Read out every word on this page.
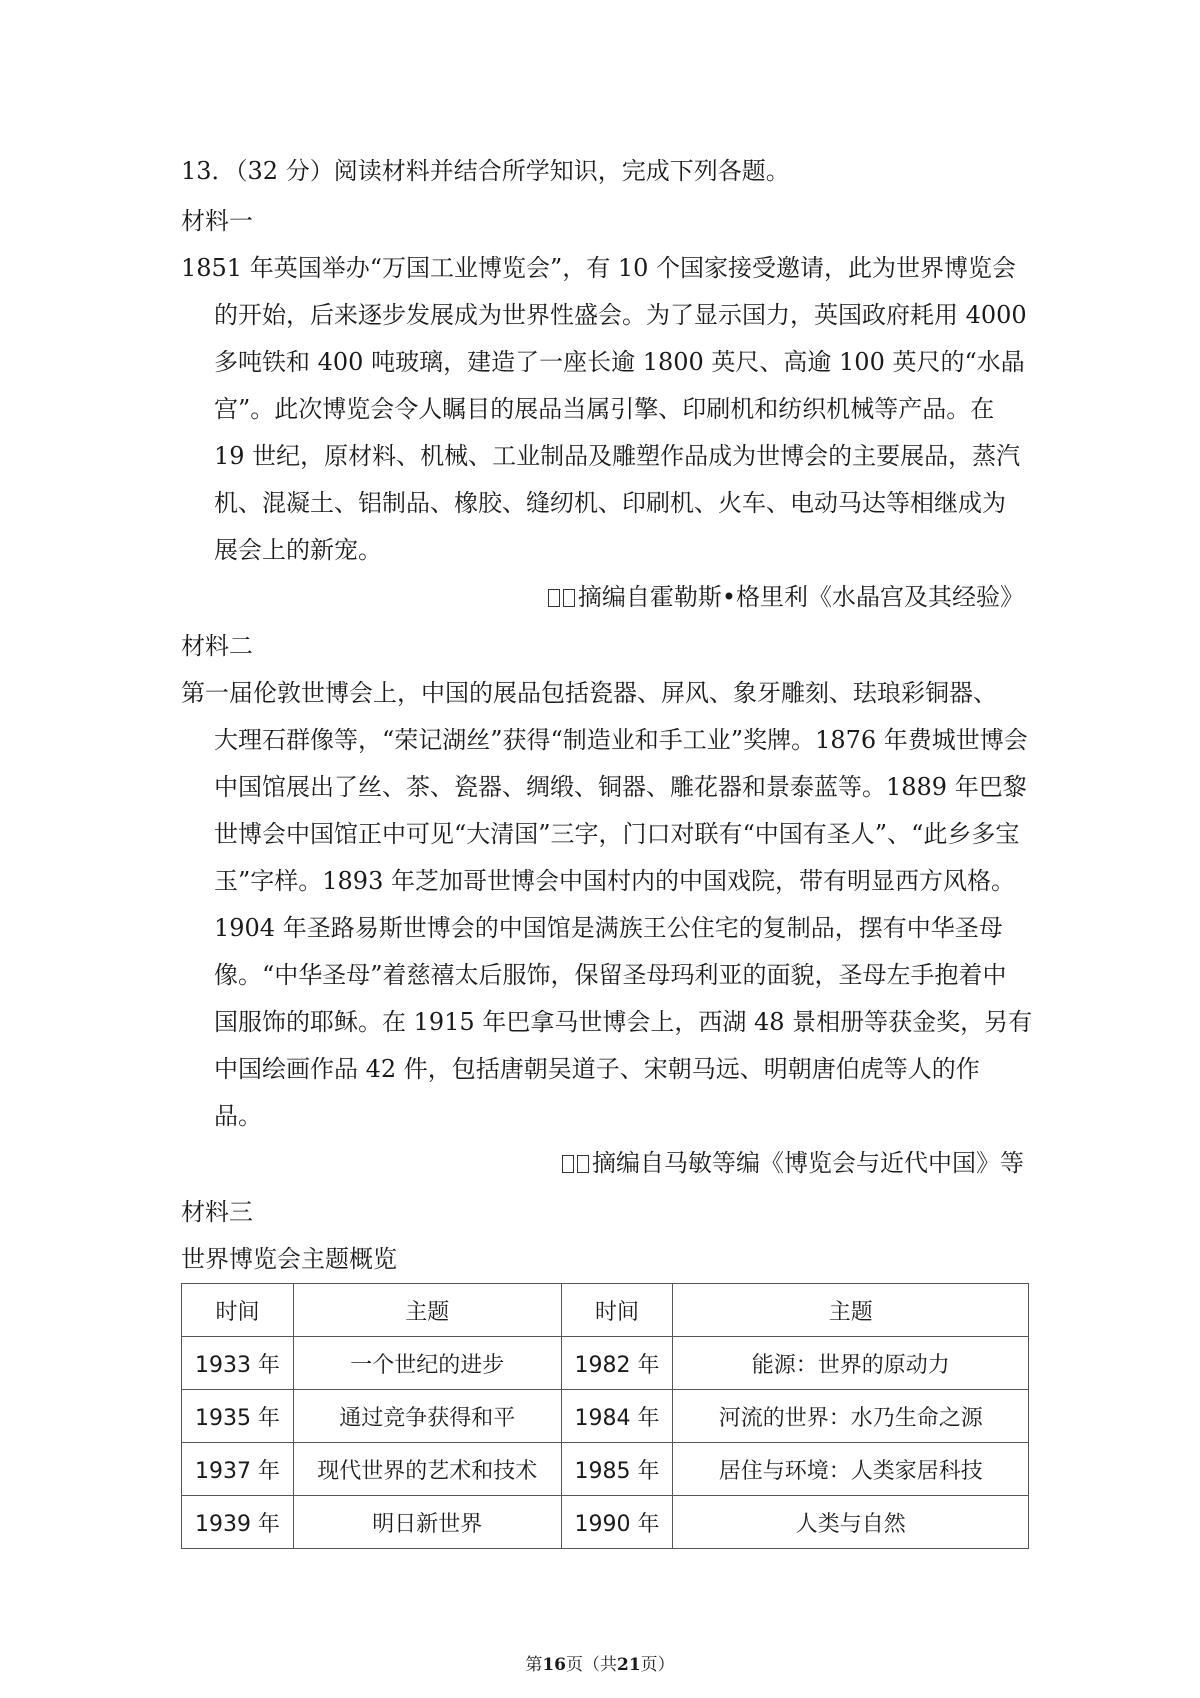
13．（32 分）阅读材料并结合所学知识，完成下列各题。
材料一
1851 年英国举办“万国工业博览会”，有 10 个国家接受邀请，此为世界博览会
的开始，后来逐步发展成为世界性盛会。为了显示国力，英国政府耗用 4000
多吨铁和 400 吨玻璃，建造了一座长逾 1800 英尺、高逾 100 英尺的“水晶
宫”。此次博览会令人瞩目的展品当属引擎、印刷机和纺织机械等产品。在
19 世纪，原材料、机械、工业制品及雕塑作品成为世博会的主要展品，蒸汽
机、混凝土、铝制品、橡胶、缝纫机、印刷机、火车、电动马达等相继成为
展会上的新宠。
摘编自霍勒斯•格里利《水晶宫及其经验》
材料二
第一届伦敦世博会上，中国的展品包括瓷器、屏风、象牙雕刻、珐琅彩铜器、
大理石群像等，“荣记湖丝”获得“制造业和手工业”奖牌。1876 年费城世博会
中国馆展出了丝、茶、瓷器、绸缎、铜器、雕花器和景泰蓝等。1889 年巴黎
世博会中国馆正中可见“大清国”三字，门口对联有“中国有圣人”、“此乡多宝
玉”字样。1893 年芝加哥世博会中国村内的中国戏院，带有明显西方风格。
1904 年圣路易斯世博会的中国馆是满族王公住宅的复制品，摆有中华圣母
像。“中华圣母”着慈禧太后服饰，保留圣母玛利亚的面貌，圣母左手抱着中
国服饰的耶稣。在 1915 年巴拿马世博会上，西湖 48 景相册等获金奖，另有
中国绘画作品 42 件，包括唐朝吴道子、宋朝马远、明朝唐伯虎等人的作
品。
摘编自马敏等编《博览会与近代中国》等
材料三
世界博览会主题概览
时间	主题	时间	主题
1933 年	一个世纪的进步	1982 年	能源：世界的原动力
1935 年	通过竞争获得和平	1984 年	河流的世界：水乃生命之源
1937 年	现代世界的艺术和技术	1985 年	居住与环境：人类家居科技
1939 年	明日新世界	1990 年	人类与自然
第16页（共21页）
